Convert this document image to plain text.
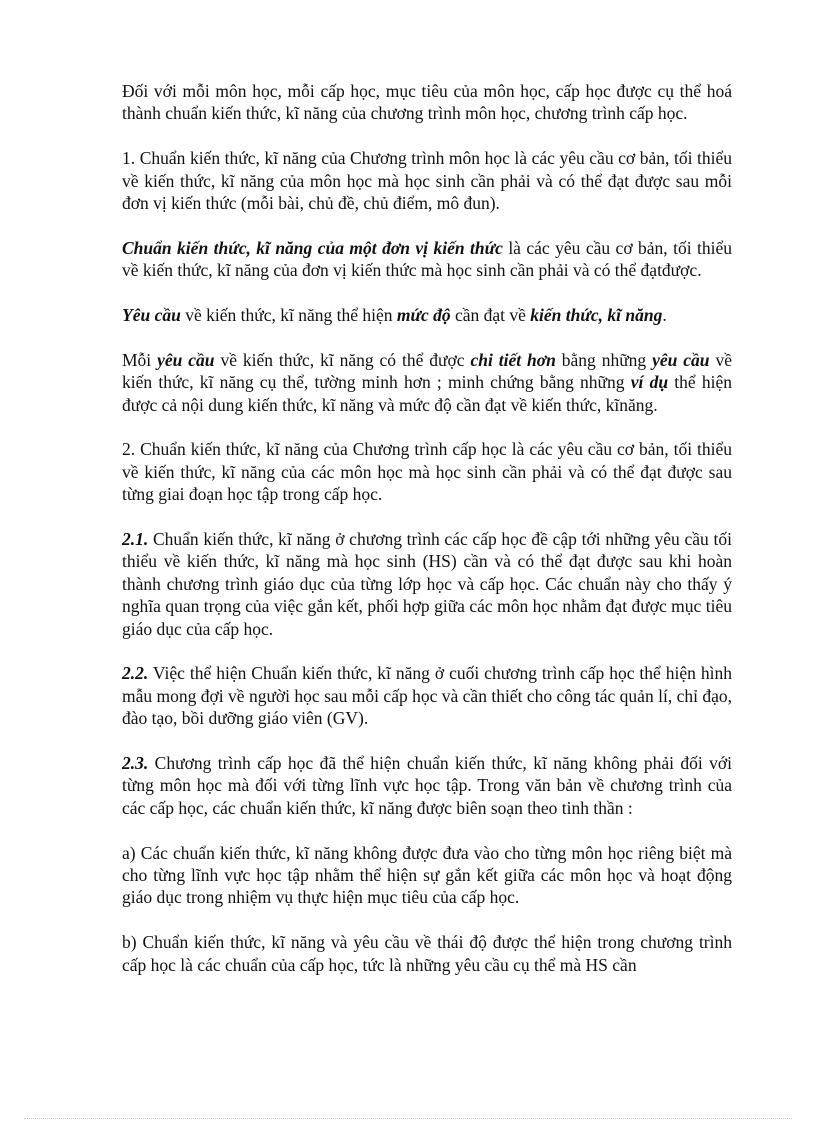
Đối với mỗi môn học, mỗi cấp học, mục tiêu của môn học, cấp học được cụ thể hoá thành chuẩn kiến thức, kĩ năng của chương trình môn học, chương trình cấp học.

1. Chuẩn kiến thức, kĩ năng của Chương trình môn học là các yêu cầu cơ bản, tối thiểu về kiến thức, kĩ năng của môn học mà học sinh cần phải và có thể đạt được sau mỗi đơn vị kiến thức (mỗi bài, chủ đề, chủ điểm, mô đun).

Chuẩn kiến thức, kĩ năng của một đơn vị kiến thức là các yêu cầu cơ bản, tối thiểu về kiến thức, kĩ năng của đơn vị kiến thức mà học sinh cần phải và có thể đạtđược.

Yêu cầu về kiến thức, kĩ năng thể hiện mức độ cần đạt về kiến thức, kĩ năng.

Mỗi yêu cầu về kiến thức, kĩ năng có thể được chi tiết hơn bằng những yêu cầu về kiến thức, kĩ năng cụ thể, tường minh hơn ; minh chứng bằng những ví dụ thể hiện được cả nội dung kiến thức, kĩ năng và mức độ cần đạt về kiến thức, kĩnăng.

2. Chuẩn kiến thức, kĩ năng của Chương trình cấp học là các yêu cầu cơ bản, tối thiểu về kiến thức, kĩ năng của các môn học mà học sinh cần phải và có thể đạt được sau từng giai đoạn học tập trong cấp học.

2.1. Chuẩn kiến thức, kĩ năng ở chương trình các cấp học đề cập tới những yêu cầu tối thiểu về kiến thức, kĩ năng mà học sinh (HS) cần và có thể đạt được sau khi hoàn thành chương trình giáo dục của từng lớp học và cấp học. Các chuẩn này cho thấy ý nghĩa quan trọng của việc gắn kết, phối hợp giữa các môn học nhằm đạt được mục tiêu giáo dục của cấp học.

2.2. Việc thể hiện Chuẩn kiến thức, kĩ năng ở cuối chương trình cấp học thể hiện hình mẫu mong đợi về người học sau mỗi cấp học và cần thiết cho công tác quản lí, chỉ đạo, đào tạo, bồi dưỡng giáo viên (GV).

2.3. Chương trình cấp học đã thể hiện chuẩn kiến thức, kĩ năng không phải đối với từng môn học mà đối với từng lĩnh vực học tập. Trong văn bản về chương trình của các cấp học, các chuẩn kiến thức, kĩ năng được biên soạn theo tinh thần :

a) Các chuẩn kiến thức, kĩ năng không được đưa vào cho từng môn học riêng biệt mà cho từng lĩnh vực học tập nhằm thể hiện sự gắn kết giữa các môn học và hoạt động giáo dục trong nhiệm vụ thực hiện mục tiêu của cấp học.

b) Chuẩn kiến thức, kĩ năng và yêu cầu về thái độ được thể hiện trong chương trình cấp học là các chuẩn của cấp học, tức là những yêu cầu cụ thể mà HS cần
